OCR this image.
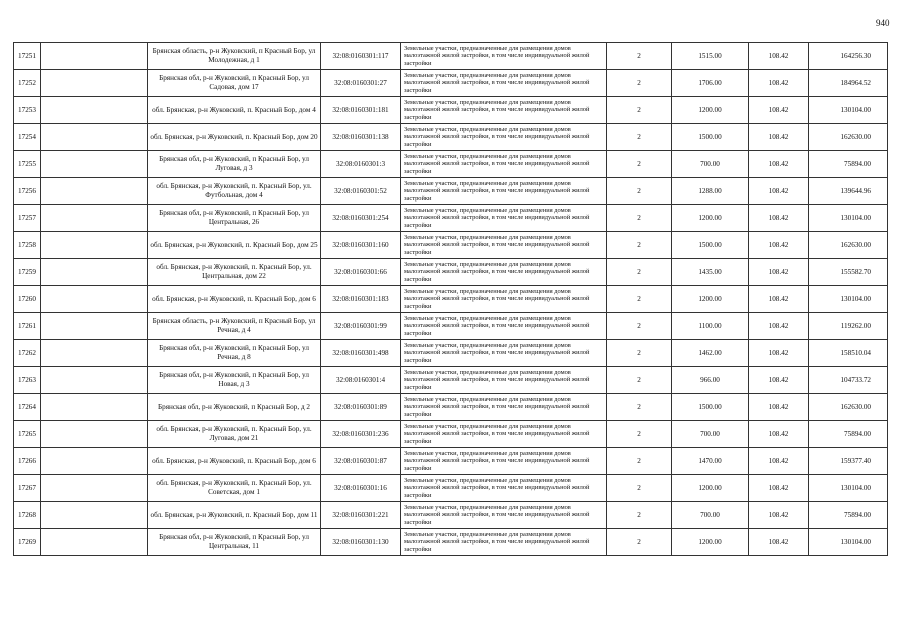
940
17251		Брянская область, р-н Жуковский, п Красный Бор, ул Молодежная, д 1	32:08:0160301:117	Земельные участки, предназначенные для размещения домов малоэтажной жилой застройки, в том числе индивидуальной жилой застройки	2	1515.00	108.42	164256.30
17252		Брянская обл, р-н Жуковский, п Красный Бор, ул Садовая, дом 17	32:08:0160301:27	Земельные участки, предназначенные для размещения домов малоэтажной жилой застройки, в том числе индивидуальной жилой застройки	2	1706.00	108.42	184964.52
17253		обл. Брянская, р-н Жуковский, п. Красный Бор, дом 4	32:08:0160301:181	Земельные участки, предназначенные для размещения домов малоэтажной жилой застройки, в том числе индивидуальной жилой застройки	2	1200.00	108.42	130104.00
17254		обл. Брянская, р-н Жуковский, п. Красный Бор, дом 20	32:08:0160301:138	Земельные участки, предназначенные для размещения домов малоэтажной жилой застройки, в том числе индивидуальной жилой застройки	2	1500.00	108.42	162630.00
17255		Брянская обл, р-н Жуковский, п Красный Бор, ул Луговая, д 3	32:08:0160301:3	Земельные участки, предназначенные для размещения домов малоэтажной жилой застройки, в том числе индивидуальной жилой застройки	2	700.00	108.42	75894.00
17256		обл. Брянская, р-н Жуковский, п. Красный Бор, ул. Футбольная, дом 4	32:08:0160301:52	Земельные участки, предназначенные для размещения домов малоэтажной жилой застройки, в том числе индивидуальной жилой застройки	2	1288.00	108.42	139644.96
17257		Брянская обл, р-н Жуковский, п Красный Бор, ул Центральная, 26	32:08:0160301:254	Земельные участки, предназначенные для размещения домов малоэтажной жилой застройки, в том числе индивидуальной жилой застройки	2	1200.00	108.42	130104.00
17258		обл. Брянская, р-н Жуковский, п. Красный Бор, дом 25	32:08:0160301:160	Земельные участки, предназначенные для размещения домов малоэтажной жилой застройки, в том числе индивидуальной жилой застройки	2	1500.00	108.42	162630.00
17259		обл. Брянская, р-н Жуковский, п. Красный Бор, ул. Центральная, дом 22	32:08:0160301:66	Земельные участки, предназначенные для размещения домов малоэтажной жилой застройки, в том числе индивидуальной жилой застройки	2	1435.00	108.42	155582.70
17260		обл. Брянская, р-н Жуковский, п. Красный Бор, дом 6	32:08:0160301:183	Земельные участки, предназначенные для размещения домов малоэтажной жилой застройки, в том числе индивидуальной жилой застройки	2	1200.00	108.42	130104.00
17261		Брянская область, р-н Жуковский, п Красный Бор, ул Речная, д 4	32:08:0160301:99	Земельные участки, предназначенные для размещения домов малоэтажной жилой застройки, в том числе индивидуальной жилой застройки	2	1100.00	108.42	119262.00
17262		Брянская обл, р-н Жуковский, п Красный Бор, ул Речная, д 8	32:08:0160301:498	Земельные участки, предназначенные для размещения домов малоэтажной жилой застройки, в том числе индивидуальной жилой застройки	2	1462.00	108.42	158510.04
17263		Брянская обл, р-н Жуковский, п Красный Бор, ул Новая, д 3	32:08:0160301:4	Земельные участки, предназначенные для размещения домов малоэтажной жилой застройки, в том числе индивидуальной жилой застройки	2	966.00	108.42	104733.72
17264		Брянская обл, р-н Жуковский, п Красный Бор, д 2	32:08:0160301:89	Земельные участки, предназначенные для размещения домов малоэтажной жилой застройки, в том числе индивидуальной жилой застройки	2	1500.00	108.42	162630.00
17265		обл. Брянская, р-н Жуковский, п. Красный Бор, ул. Луговая, дом 21	32:08:0160301:236	Земельные участки, предназначенные для размещения домов малоэтажной жилой застройки, в том числе индивидуальной жилой застройки	2	700.00	108.42	75894.00
17266		обл. Брянская, р-н Жуковский, п. Красный Бор, дом 6	32:08:0160301:87	Земельные участки, предназначенные для размещения домов малоэтажной жилой застройки, в том числе индивидуальной жилой застройки	2	1470.00	108.42	159377.40
17267		обл. Брянская, р-н Жуковский, п. Красный Бор, ул. Советская, дом 1	32:08:0160301:16	Земельные участки, предназначенные для размещения домов малоэтажной жилой застройки, в том числе индивидуальной жилой застройки	2	1200.00	108.42	130104.00
17268		обл. Брянская, р-н Жуковский, п. Красный Бор, дом 11	32:08:0160301:221	Земельные участки, предназначенные для размещения домов малоэтажной жилой застройки, в том числе индивидуальной жилой застройки	2	700.00	108.42	75894.00
17269		Брянская обл, р-н Жуковский, п Красный Бор, ул Центральная, 11	32:08:0160301:130	Земельные участки, предназначенные для размещения домов малоэтажной жилой застройки, в том числе индивидуальной жилой застройки	2	1200.00	108.42	130104.00
